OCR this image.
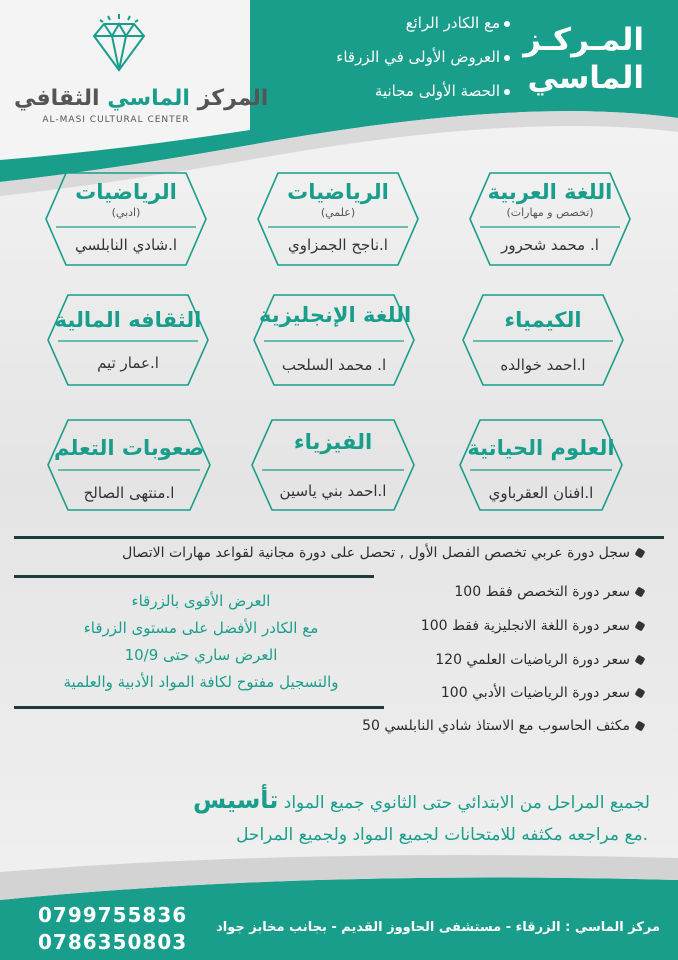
المـركـز
الماسي
مع الكادر الرائع
العروض الأولى في الزرقاء
الحصة الأولى مجانية
المركز الماسي الثقافي
AL-MASI CULTURAL CENTER
اللغة العربية
(تخصص و مهارات)
ا. محمد شحرور
الرياضيات
(علمي)
ا.ناجح الجمزاوي
الرياضيات
(ادبي)
ا.شادي النابلسي
الكيمياء
ا.احمد خوالده
اللغة الإنجليزية
ا. محمد السلحب
الثقافه المالية
ا.عمار تيم
العلوم الحياتية
ا.افنان العقرباوي
الفيزياء
ا.احمد بني ياسين
صعوبات التعلم
ا.منتهى الصالح
سجل دورة عربي تخصص الفصل الأول , تحصل على دورة مجانية لقواعد مهارات الاتصال
سعر دورة التخصص فقط 100
سعر دورة اللغة الانجليزية فقط 100
سعر دورة الرياضيات العلمي 120
سعر دورة الرياضيات الأدبي 100
مكثف الحاسوب مع الاستاذ شادي النابلسي 50
العرض الأقوى بالزرقاء
مع الكادر الأفضل على مستوى الزرقاء
العرض ساري حتى 10/9
والتسجيل مفتوح لكافة المواد الأدبية والعلمية
لجميع المراحل من الابتدائي حتى الثانوي جميع المواد تأسيس
مع مراجعه مكثفه للامتحانات لجميع المواد ولجميع المراحل.
0799755836
0786350803
مركز الماسي : الزرقاء - مستشفى الحاووز القديم - بجانب مخابز جواد
